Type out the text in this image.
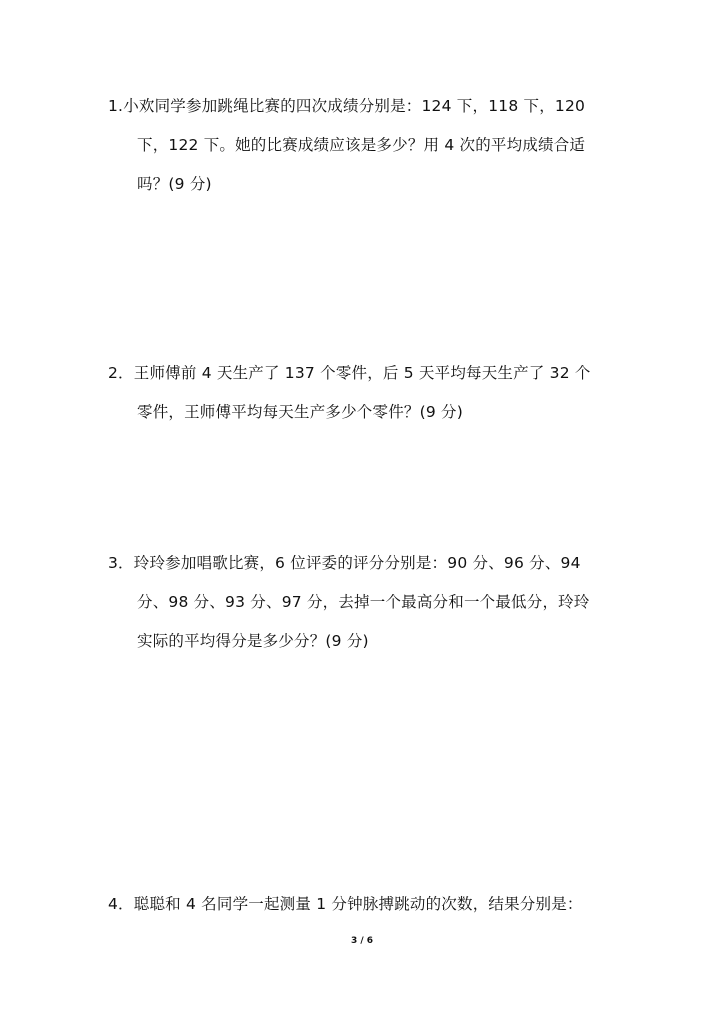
1.小欢同学参加跳绳比赛的四次成绩分别是：124 下，118 下，120
下，122 下。她的比赛成绩应该是多少？用 4 次的平均成绩合适
吗？(9 分)
2．王师傅前 4 天生产了 137 个零件，后 5 天平均每天生产了 32 个
零件，王师傅平均每天生产多少个零件？(9 分)
3．玲玲参加唱歌比赛，6 位评委的评分分别是：90 分、96 分、94
分、98 分、93 分、97 分，去掉一个最高分和一个最低分，玲玲
实际的平均得分是多少分？(9 分)
4．聪聪和 4 名同学一起测量 1 分钟脉搏跳动的次数，结果分别是：
3 / 6
